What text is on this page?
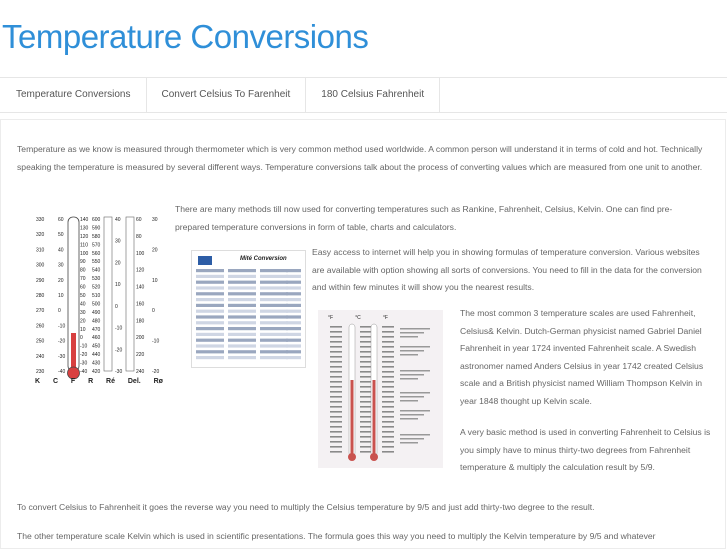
Temperature Conversions
Temperature Conversions	Convert Celsius To Farenheit	180 Celsius Fahrenheit

Temperature as we know is measured through thermometer which is very common method used worldwide. A common person will understand it in terms of cold and hot. Technically speaking the temperature is measured by several different ways. Temperature conversions talk about the process of converting values which are measured from one unit to another.

330
320
310
300
290
280
270
260
250
240
230
60
50
40
30
20
10
0
-10
-20
-30
-40
140
130
120
110
100
90
80
70
60
50
40
30
20
10
0
-10
-20
-30
-40
600
590
580
570
560
550
540
530
520
510
500
490
480
470
460
450
440
430
420
40
30
20
10
0
-10
-20
-30
60
80
100
120
140
160
180
200
220
240
30
20
10
0
-10
-20
K C F R Ré Del. Rø

There are many methods till now used for converting temperatures such as Rankine, Fahrenheit, Celsius, Kelvin. One can find pre-prepared temperature conversions in form of table, charts and calculators.

Mité Conversion

Easy access to internet will help you in showing formulas of temperature conversion. Various websites are available with option showing all sorts of conversions. You need to fill in the data for the conversion and within few minutes it will show you the nearest results.

°F	°C	°F	The most common 3 temperature scales are used Fahrenheit, Celsius& Kelvin. Dutch-German physicist named Gabriel Daniel Fahrenheit in year 1724 invented Fahrenheit scale. A Swedish astronomer named Anders Celsius in year 1742 created Celsius scale and a British physicist named William Thompson Kelvin in year 1848 thought up Kelvin scale.

A very basic method is used in converting Fahrenheit to Celsius is you simply have to minus thirty-two degrees from Fahrenheit temperature & multiply the calculation result by 5/9.

To convert Celsius to Fahrenheit it goes the reverse way you need to multiply the Celsius temperature by 9/5 and just add thirty-two degree to the result.

The other temperature scale Kelvin which is used in scientific presentations. The formula goes this way you need to multiply the Kelvin temperature by 9/5 and whatever
